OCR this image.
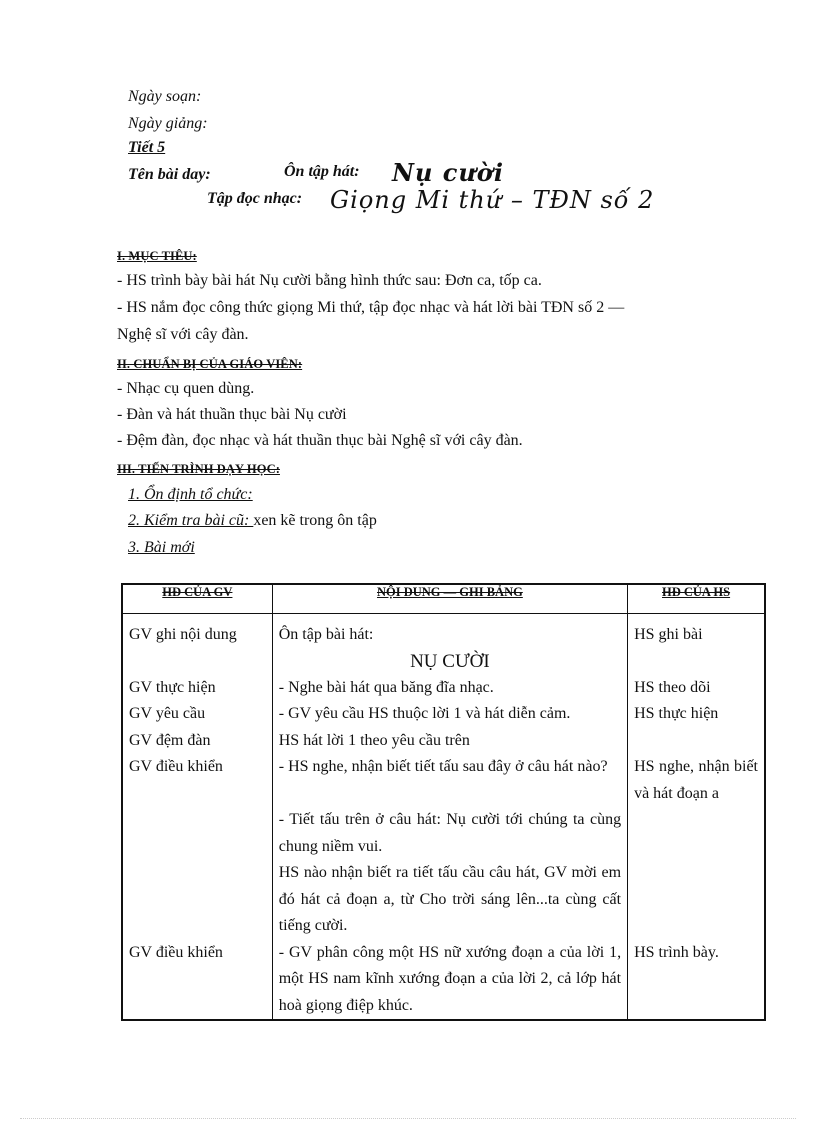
Ngày soạn:
Ngày giảng:
Tiết 5
Tên bài day:	Ôn tập hát: Nụ cười
Tập đọc nhạc: Giọng Mi thứ – TĐN số 2
I. MỤC TIÊU:
- HS trình bày bài hát Nụ cười bằng hình thức sau: Đơn ca, tốp ca.
- HS nắm đọc công thức giọng Mi thứ, tập đọc nhạc và hát lời bài TĐN số 2 —
Nghệ sĩ với cây đàn.
II. CHUẨN BỊ CỦA GIÁO VIÊN:
- Nhạc cụ quen dùng.
- Đàn và hát thuần thục bài Nụ cười
- Đệm đàn, đọc nhạc và hát thuần thục bài Nghệ sĩ với cây đàn.
III. TIẾN TRÌNH DẠY HỌC:
1. Ổn định tổ chức:
2. Kiểm tra bài cũ: xen kẽ trong ôn tập
3. Bài mới
HĐ CỦA GV	NỘI DUNG — GHI BẢNG	HĐ CỦA HS
GV ghi nội dung	Ôn tập bài hát:	HS ghi bài
	NỤ CƯỜI	
GV thực hiện	- Nghe bài hát qua băng đĩa nhạc.	HS theo dõi
GV yêu cầu	- GV yêu cầu HS thuộc lời 1 và hát diễn cảm.	HS thực hiện
GV đệm đàn	HS hát lời 1 theo yêu cầu trên	
GV điều khiển	- HS nghe, nhận biết tiết tấu sau đây ở câu hát nào?	HS nghe, nhận biết và hát đoạn a
	- Tiết tấu trên ở câu hát: Nụ cười tới chúng ta cùng chung niềm vui.	
	HS nào nhận biết ra tiết tấu cầu câu hát, GV mời em đó hát cả đoạn a, từ Cho trời sáng lên...ta cùng cất tiếng cười.	
GV điều khiển	- GV phân công một HS nữ xướng đoạn a của lời 1, một HS nam kĩnh xướng đoạn a của lời 2, cả lớp hát hoà giọng điệp khúc.	HS trình bày.
